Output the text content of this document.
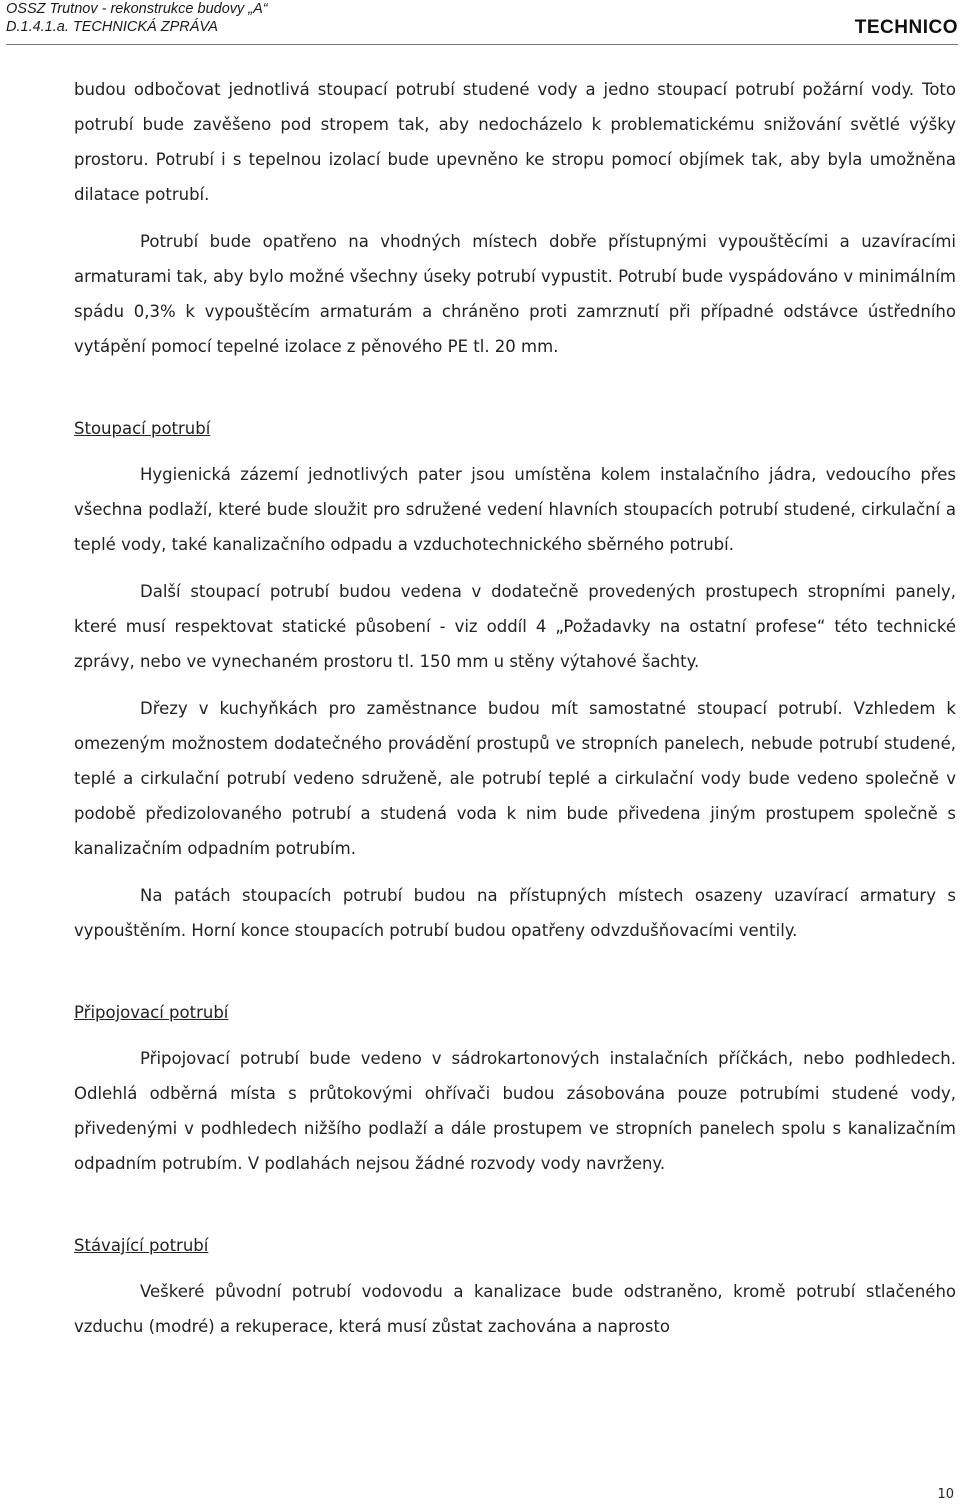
OSSZ Trutnov - rekonstrukce budovy „A“
D.1.4.1.a. TECHNICKÁ ZPRÁVA	TECHNICO

budou odbočovat jednotlivá stoupací potrubí studené vody a jedno stoupací potrubí požární vody. Toto potrubí bude zavěšeno pod stropem tak, aby nedocházelo k problematickému snižování světlé výšky prostoru. Potrubí i s tepelnou izolací bude upevněno ke stropu pomocí objímek tak, aby byla umožněna dilatace potrubí.

Potrubí bude opatřeno na vhodných místech dobře přístupnými vypouštěcími a uzavíracími armaturami tak, aby bylo možné všechny úseky potrubí vypustit. Potrubí bude vyspádováno v minimálním spádu 0,3% k vypouštěcím armaturám a chráněno proti zamrznutí při případné odstávce ústředního vytápění pomocí tepelné izolace z pěnového PE tl. 20 mm.

Stoupací potrubí

Hygienická zázemí jednotlivých pater jsou umístěna kolem instalačního jádra, vedoucího přes všechna podlaží, které bude sloužit pro sdružené vedení hlavních stoupacích potrubí studené, cirkulační a teplé vody, také kanalizačního odpadu a vzduchotechnického sběrného potrubí.

Další stoupací potrubí budou vedena v dodatečně provedených prostupech stropními panely, které musí respektovat statické působení - viz oddíl 4 „Požadavky na ostatní profese“ této technické zprávy, nebo ve vynechaném prostoru tl. 150 mm u stěny výtahové šachty.

Dřezy v kuchyňkách pro zaměstnance budou mít samostatné stoupací potrubí. Vzhledem k omezeným možnostem dodatečného provádění prostupů ve stropních panelech, nebude potrubí studené, teplé a cirkulační potrubí vedeno sdruženě, ale potrubí teplé a cirkulační vody bude vedeno společně v podobě předizolovaného potrubí a studená voda k nim bude přivedena jiným prostupem společně s kanalizačním odpadním potrubím.

Na patách stoupacích potrubí budou na přístupných místech osazeny uzavírací armatury s vypouštěním. Horní konce stoupacích potrubí budou opatřeny odvzdušňovacími ventily.

Připojovací potrubí

Připojovací potrubí bude vedeno v sádrokartonových instalačních příčkách, nebo podhledech. Odlehlá odběrná místa s průtokovými ohřívači budou zásobována pouze potrubími studené vody, přivedenými v podhledech nižšího podlaží a dále prostupem ve stropních panelech spolu s kanalizačním odpadním potrubím. V podlahách nejsou žádné rozvody vody navrženy.

Stávající potrubí

Veškeré původní potrubí vodovodu a kanalizace bude odstraněno, kromě potrubí stlačeného vzduchu (modré) a rekuperace, která musí zůstat zachována a naprosto

10
